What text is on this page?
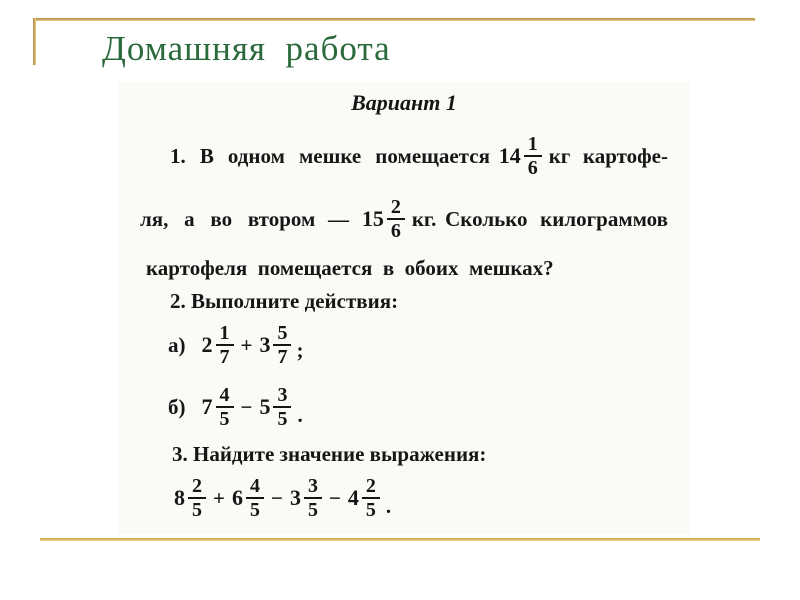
Домашняя  работа
Вариант 1
1. В одном мешке помещается $14 \frac{1}{6}$ кг картофе-
ля, а во втором — $15 \frac{2}{6}$ кг. Сколько килограммов
картофеля помещается в обоих мешках?
2. Выполните действия:
а) $2 \frac{1}{7} + 3 \frac{5}{7}$ ;
б) $7 \frac{4}{5} - 5 \frac{3}{5}$ .
3. Найдите значение выражения:
$8 \frac{2}{5} + 6 \frac{4}{5} - 3 \frac{3}{5} - 4 \frac{2}{5}$ .
